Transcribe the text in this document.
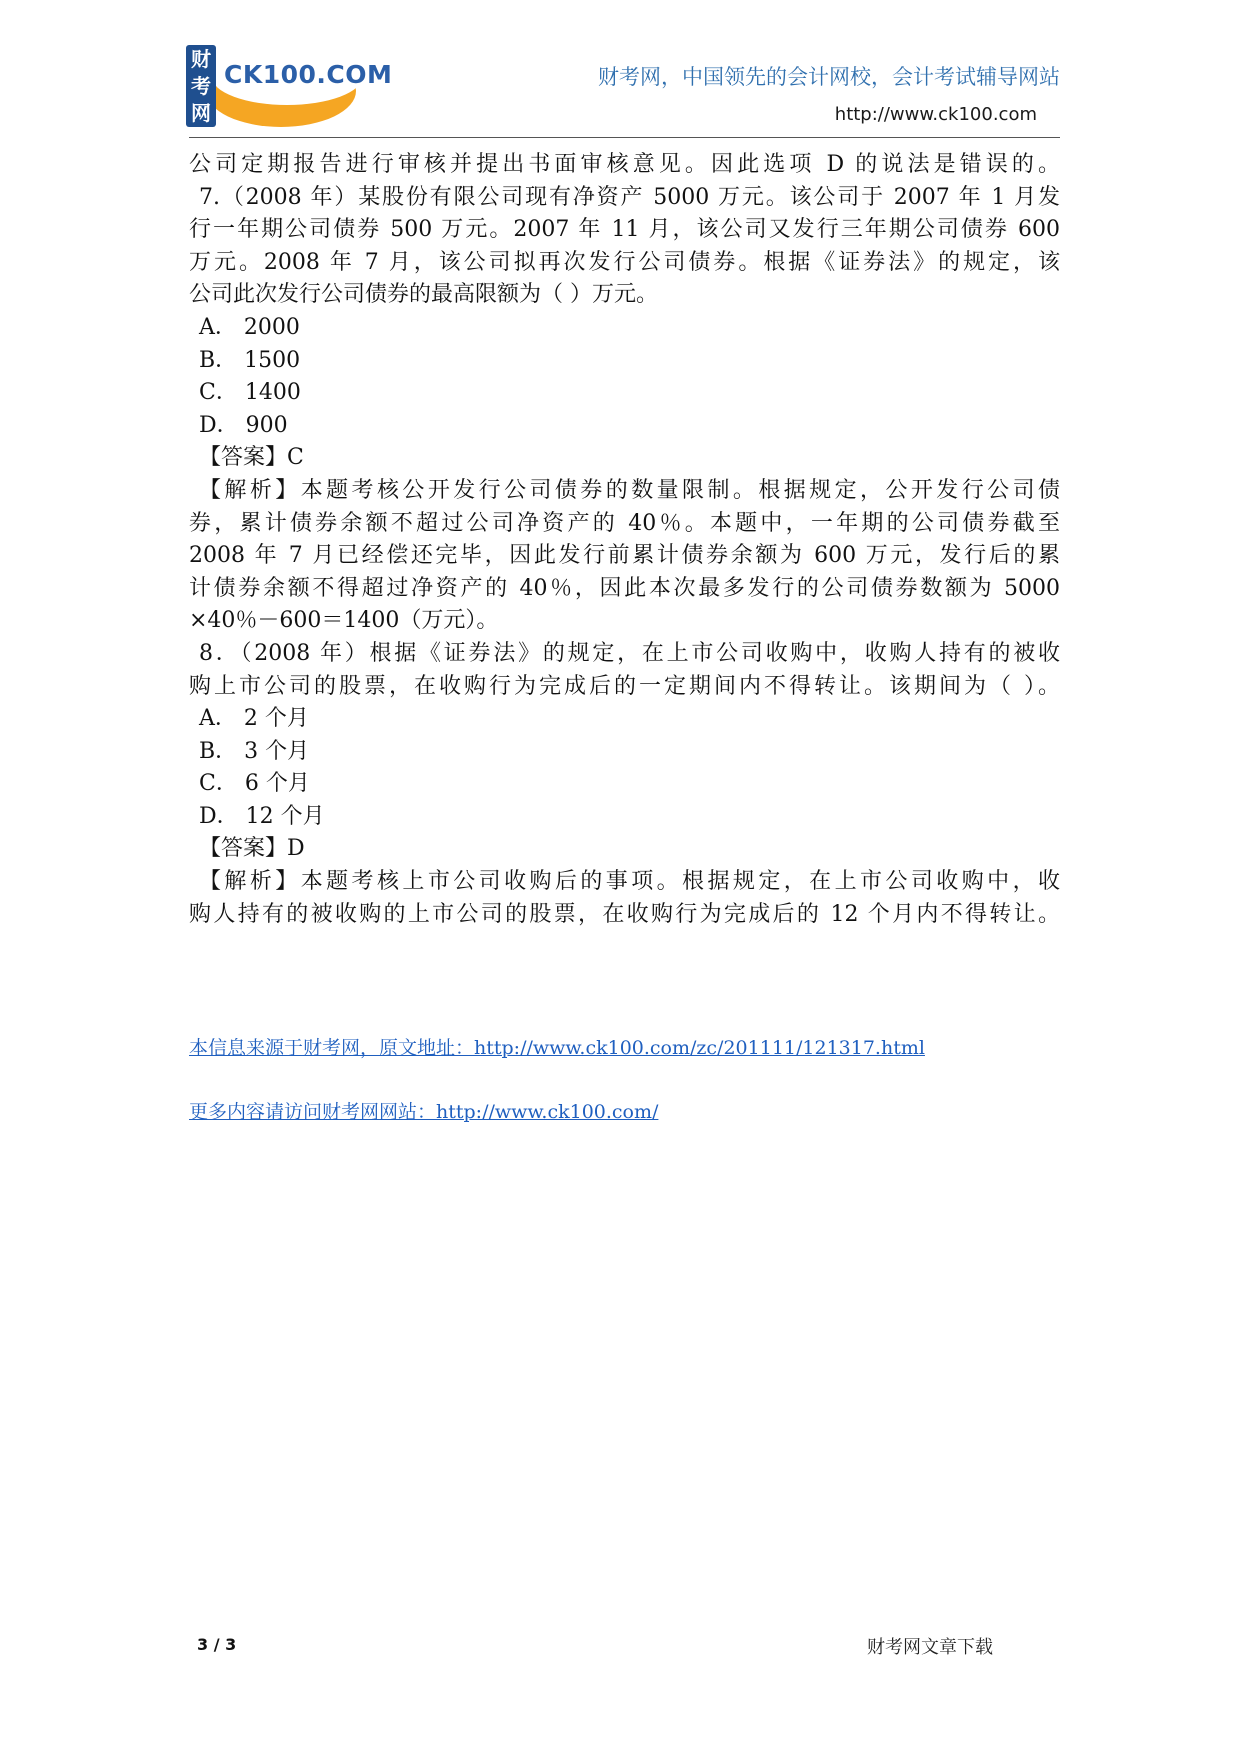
财
考
网
CK100.COM	财考网，中国领先的会计网校，会计考试辅导网站
http://www.ck100.com
公司定期报告进行审核并提出书面审核意见。因此选项 D 的说法是错误的。
7.（2008 年）某股份有限公司现有净资产 5000 万元。该公司于 2007 年 1 月发
行一年期公司债券 500 万元。2007 年 11 月，该公司又发行三年期公司债券 600
万元。2008 年 7 月，该公司拟再次发行公司债券。根据《证券法》的规定，该
公司此次发行公司债券的最高限额为（ ）万元。
A． 2000
B． 1500
C． 1400
D． 900
【答案】C
【解析】本题考核公开发行公司债券的数量限制。根据规定，公开发行公司债
券，累计债券余额不超过公司净资产的 40％。本题中，一年期的公司债券截至
2008 年 7 月已经偿还完毕，因此发行前累计债券余额为 600 万元，发行后的累
计债券余额不得超过净资产的 40％，因此本次最多发行的公司债券数额为 5000
×40％－600＝1400（万元）。
8．（2008 年）根据《证券法》的规定，在上市公司收购中，收购人持有的被收
购上市公司的股票，在收购行为完成后的一定期间内不得转让。该期间为（ ）。
A． 2 个月
B． 3 个月
C． 6 个月
D． 12 个月
【答案】D
【解析】本题考核上市公司收购后的事项。根据规定，在上市公司收购中，收
购人持有的被收购的上市公司的股票，在收购行为完成后的 12 个月内不得转让。
本信息来源于财考网，原文地址：http://www.ck100.com/zc/201111/121317.html
更多内容请访问财考网网站：http://www.ck100.com/
3 / 3	财考网文章下载
